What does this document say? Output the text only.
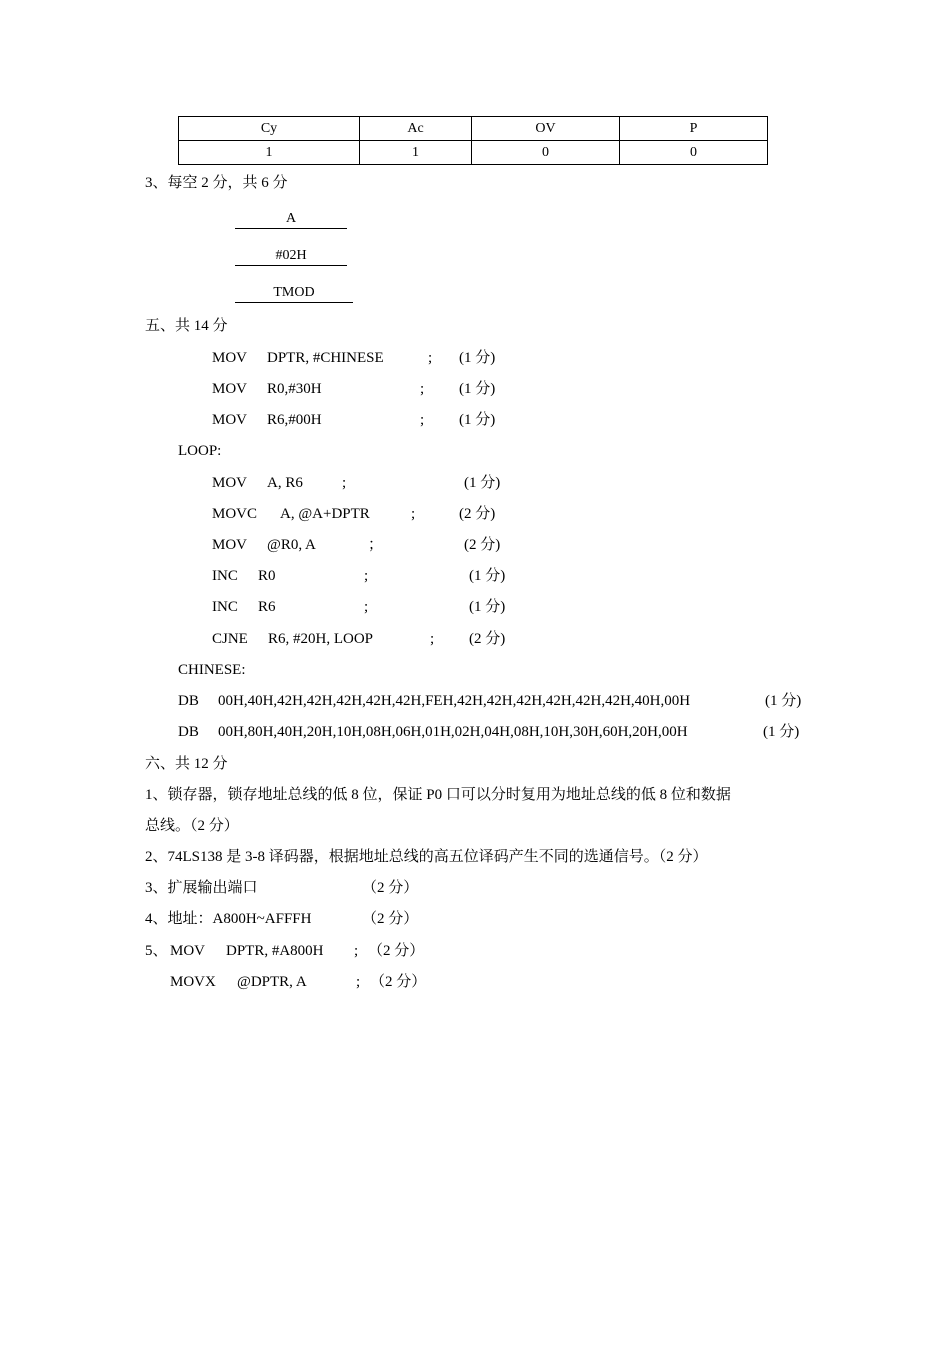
Cy	Ac	OV	P
1	1	0	0
3、每空 2 分，共 6 分
A
#02H
TMOD
五、共 14 分
MOV DPTR, #CHINESE	; (1 分)
MOV R0,#30H	; (1 分)
MOV R6,#00H	; (1 分)
LOOP:
MOV A, R6	;	(1 分)
MOVC A, @A+DPTR	;	(2 分)
MOV @R0, A	；	(2 分)
INC R0	;	(1 分)
INC R6	;	(1 分)
CJNE R6, #20H, LOOP	; (2 分)
CHINESE:
DB 00H,40H,42H,42H,42H,42H,42H,FEH,42H,42H,42H,42H,42H,42H,40H,00H	(1 分)
DB 00H,80H,40H,20H,10H,08H,06H,01H,02H,04H,08H,10H,30H,60H,20H,00H	(1 分)
六、共 12 分
1、锁存器，锁存地址总线的低 8 位，保证 P0 口可以分时复用为地址总线的低 8 位和数据
总线。（2 分）
2、74LS138 是 3-8 译码器，根据地址总线的高五位译码产生不同的选通信号。（2 分）
3、扩展输出端口	（2 分）
4、地址：A800H~AFFFH	（2 分）
5、 MOV DPTR, #A800H ; （2 分）
MOVX @DPTR, A	; （2 分）
